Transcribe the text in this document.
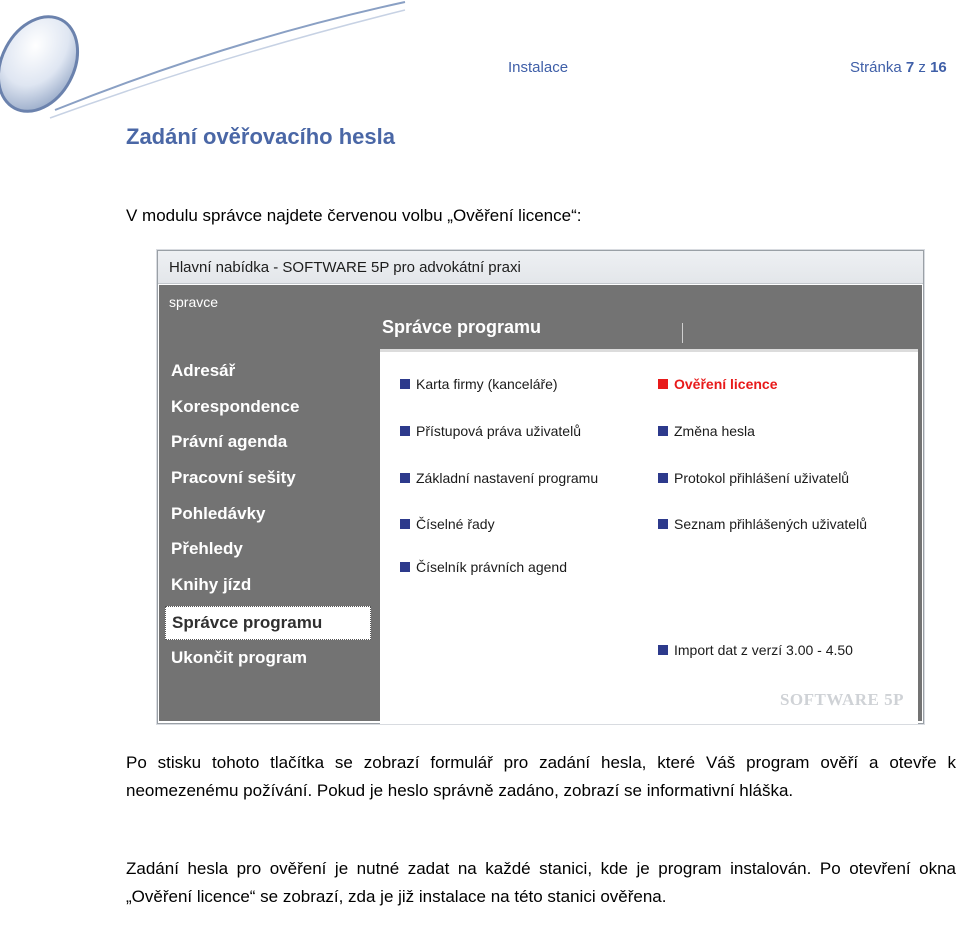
Instalace	Stránka 7 z 16
Zadání ověřovacího hesla
V modulu správce najdete červenou volbu „Ověření licence“:
Hlavní nabídka - SOFTWARE 5P pro advokátní praxi
spravce
Adresář
Korespondence
Právní agenda
Pracovní sešity
Pohledávky
Přehledy
Knihy jízd
Správce programu
Ukončit program
Správce programu
Karta firmy (kanceláře)
Přístupová práva uživatelů
Základní nastavení programu
Číselné řady
Číselník právních agend
Ověření licence
Změna hesla
Protokol přihlášení uživatelů
Seznam přihlášených uživatelů
Import dat z verzí 3.00 - 4.50
SOFTWARE 5P

Po stisku tohoto tlačítka se zobrazí formulář pro zadání hesla, které Váš program ověří a otevře k neomezenému požívání. Pokud je heslo správně zadáno, zobrazí se informativní hláška.

Zadání hesla pro ověření je nutné zadat na každé stanici, kde je program instalován. Po otevření okna „Ověření licence“ se zobrazí, zda je již instalace na této stanici ověřena.
